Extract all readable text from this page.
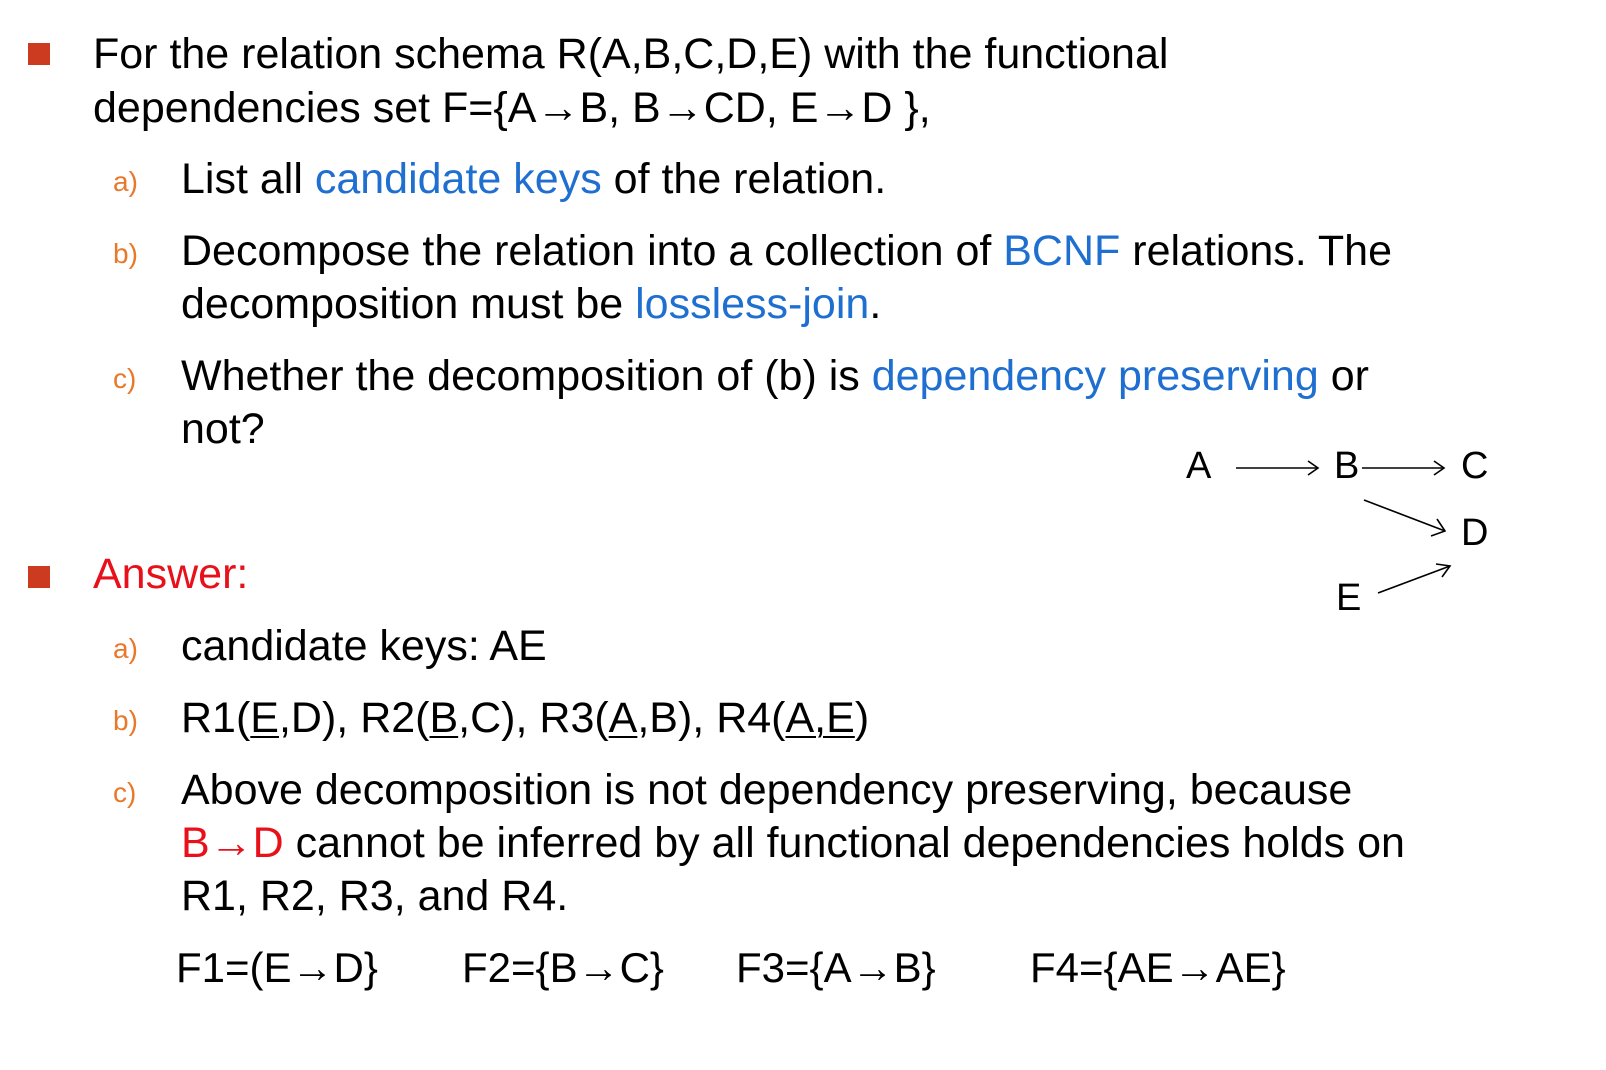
For the relation schema R(A,B,C,D,E) with the functional
dependencies set F={A→B, B→CD, E→D },
a) List all candidate keys of the relation.
b) Decompose the relation into a collection of BCNF relations. The
decomposition must be lossless-join.
c) Whether the decomposition of (b) is dependency preserving or
not?
A	B	C
D
E
Answer:
a) candidate keys: AE
b) R1(E,D), R2(B,C), R3(A,B), R4(A,E)
c) Above decomposition is not dependency preserving, because
B→D cannot be inferred by all functional dependencies holds on
R1, R2, R3, and R4.
F1=(E→D} F2={B→C} F3={A→B} F4={AE→AE}
